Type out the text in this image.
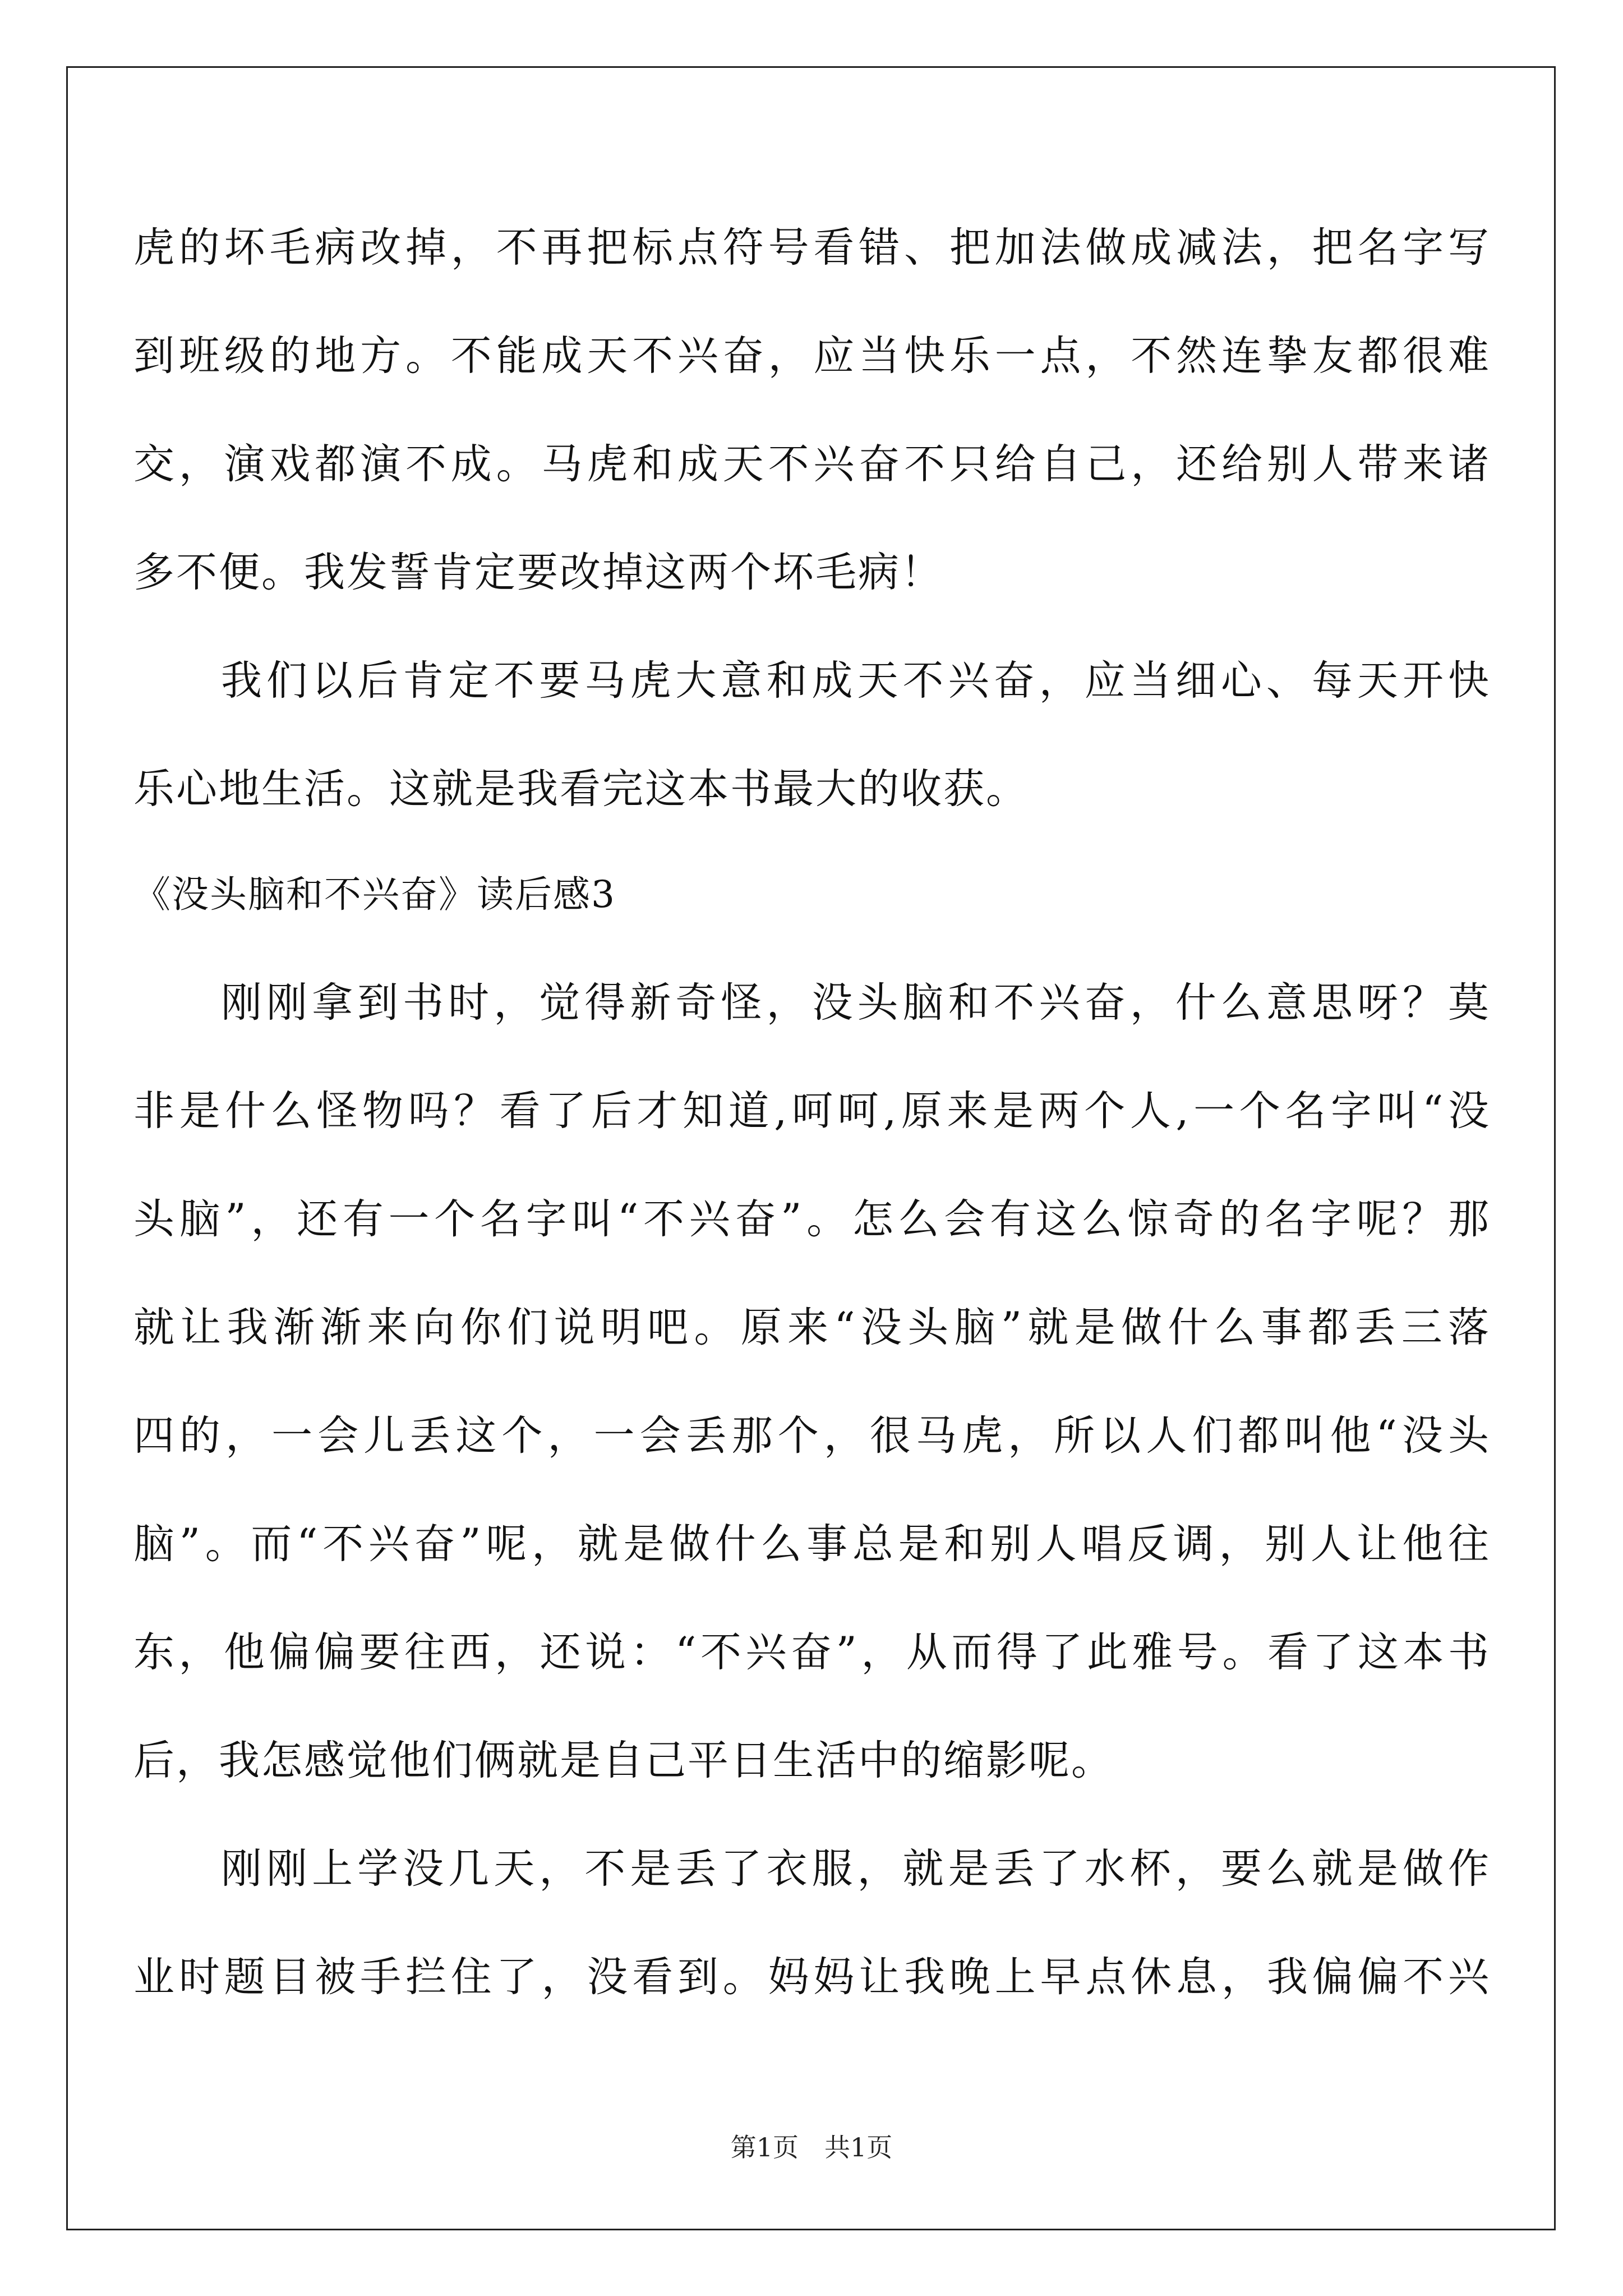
虎的坏毛病改掉，不再把标点符号看错、把加法做成减法，把名字写
到班级的地方。不能成天不兴奋，应当快乐一点，不然连挚友都很难
交，演戏都演不成。马虎和成天不兴奋不只给自己，还给别人带来诸
多不便。我发誓肯定要改掉这两个坏毛病！
我们以后肯定不要马虎大意和成天不兴奋，应当细心、每天开快
乐心地生活。这就是我看完这本书最大的收获。
《没头脑和不兴奋》读后感3
刚刚拿到书时，觉得新奇怪，没头脑和不兴奋，什么意思呀？莫
非是什么怪物吗？看了后才知道,呵呵,原来是两个人,一个名字叫“没
头脑”，还有一个名字叫“不兴奋”。怎么会有这么惊奇的名字呢？那
就让我渐渐来向你们说明吧。原来“没头脑”就是做什么事都丢三落
四的，一会儿丢这个，一会丢那个，很马虎，所以人们都叫他“没头
脑”。而“不兴奋”呢，就是做什么事总是和别人唱反调，别人让他往
东，他偏偏要往西，还说：“不兴奋”，从而得了此雅号。看了这本书
后，我怎感觉他们俩就是自己平日生活中的缩影呢。
刚刚上学没几天，不是丢了衣服，就是丢了水杯，要么就是做作
业时题目被手拦住了，没看到。妈妈让我晚上早点休息，我偏偏不兴
第1页　共1页
